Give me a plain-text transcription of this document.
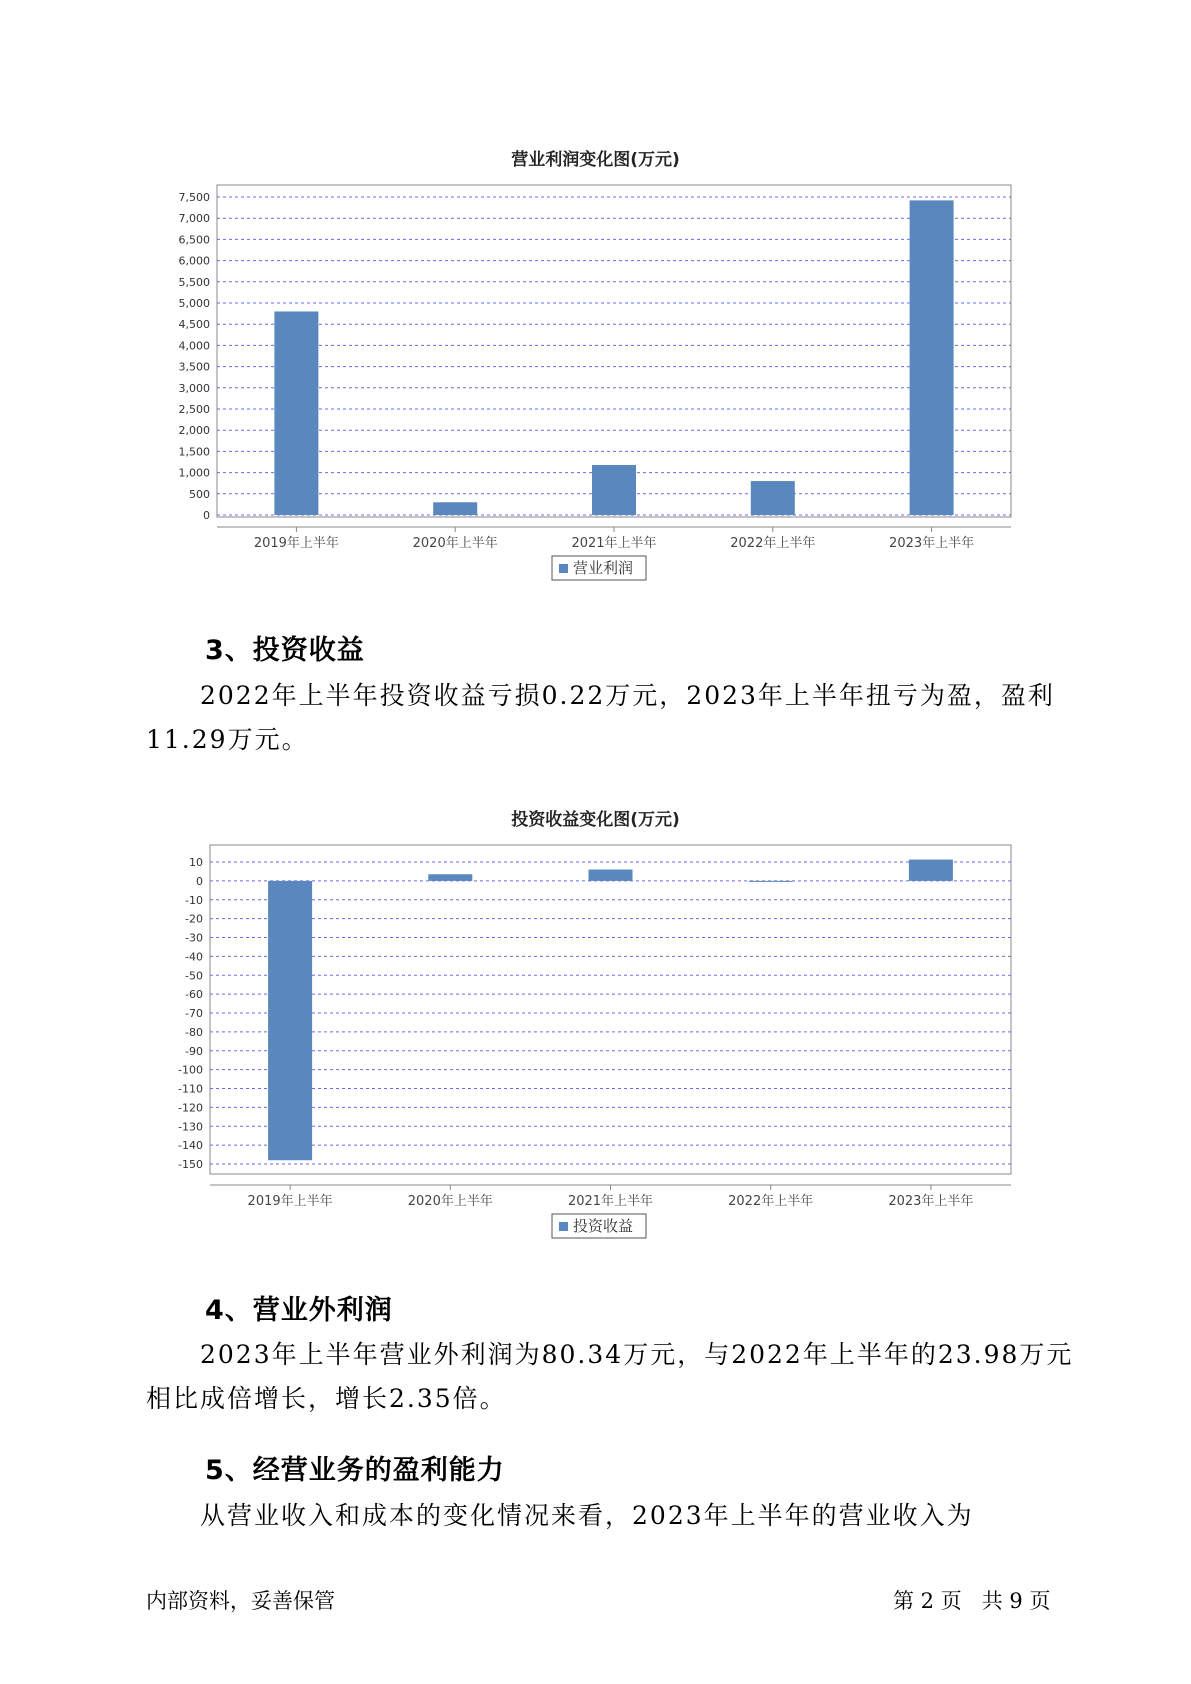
营业利润变化图(万元)
0
500
1,000
1,500
2,000
2,500
3,000
3,500
4,000
4,500
5,000
5,500
6,000
6,500
7,000
7,500
2019年上半年	2020年上半年	2021年上半年	2022年上半年	2023年上半年
营业利润
3、投资收益
2022年上半年投资收益亏损0.22万元，2023年上半年扭亏为盈，盈利
11.29万元。
投资收益变化图(万元)
10
0
-10
-20
-30
-40
-50
-60
-70
-80
-90
-100
-110
-120
-130
-140
-150
2019年上半年	2020年上半年	2021年上半年	2022年上半年	2023年上半年
投资收益
4、营业外利润
2023年上半年营业外利润为80.34万元，与2022年上半年的23.98万元
相比成倍增长，增长2.35倍。
5、经营业务的盈利能力
从营业收入和成本的变化情况来看，2023年上半年的营业收入为
内部资料，妥善保管	第 2 页   共 9 页
